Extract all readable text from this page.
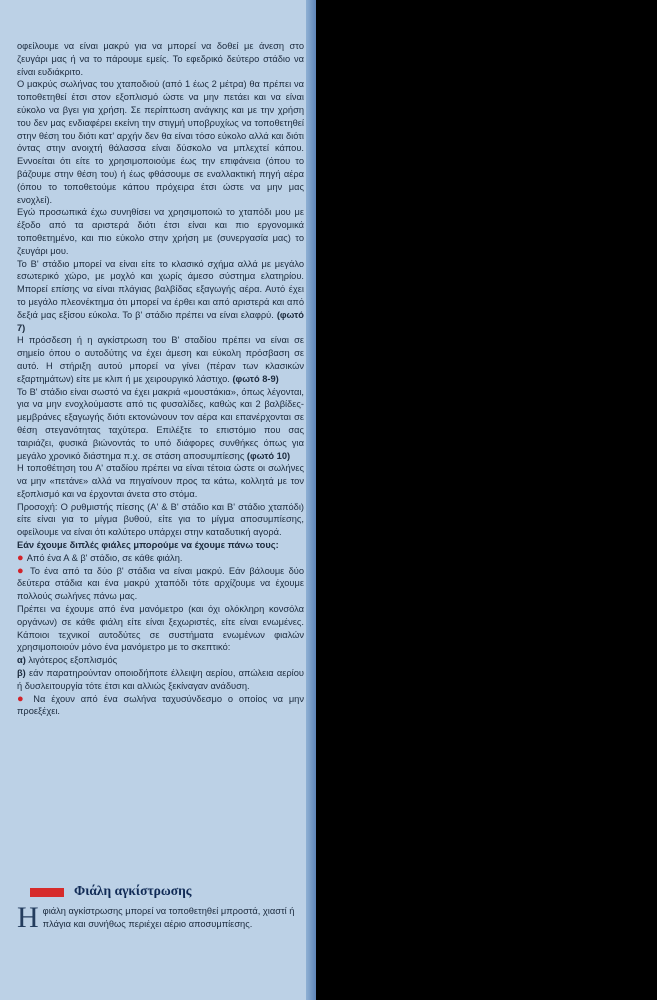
οφείλουμε να είναι μακρύ για να μπορεί να δοθεί με άνεση στο ζευγάρι μας ή να το πάρουμε εμείς. Το εφεδρικό δεύτερο στάδιο να είναι ευδιάκριτο.

Ο μακρύς σωλήνας του χταποδιού (από 1 έως 2 μέτρα) θα πρέπει να τοποθετηθεί έτσι στον εξοπλισμό ώστε να μην πετάει και να είναι εύκολο να βγει για χρήση. Σε περίπτωση ανάγκης και με την χρήση του δεν μας ενδιαφέρει εκείνη την στιγμή υποβρυχίως να τοποθετηθεί στην θέση του διότι κατ' αρχήν δεν θα είναι τόσο εύκολο αλλά και διότι όντας στην ανοιχτή θάλασσα είναι δύσκολο να μπλεχτεί κάπου. Εννοείται ότι είτε το χρησιμοποιούμε έως την επιφάνεια (όπου το βάζουμε στην θέση του) ή έως φθάσουμε σε εναλλακτική πηγή αέρα (όπου το τοποθετούμε κάπου πρόχειρα έτσι ώστε να μην μας ενοχλεί).

Εγώ προσωπικά έχω συνηθίσει να χρησιμοποιώ το χταπόδι μου με έξοδο από τα αριστερά διότι έτσι είναι και πιο εργονομικά τοποθετημένο, και πιο εύκολο στην χρήση με (συνεργασία μας) το ζευγάρι μου.

Το Β' στάδιο μπορεί να είναι είτε το κλασικό σχήμα αλλά με μεγάλο εσωτερικό χώρο, με μοχλό και χωρίς άμεσο σύστημα ελατηρίου. Μπορεί επίσης να είναι πλάγιας βαλβίδας εξαγωγής αέρα. Αυτό έχει το μεγάλο πλεονέκτημα ότι μπορεί να έρθει και από αριστερά και από δεξιά μας εξίσου εύκολα. Το β' στάδιο πρέπει να είναι ελαφρύ. (φωτό 7)

Η πρόσδεση ή η αγκίστρωση του Β' σταδίου πρέπει να είναι σε σημείο όπου ο αυτοδύτης να έχει άμεση και εύκολη πρόσβαση σε αυτό. Η στήριξη αυτού μπορεί να γίνει (πέραν των κλασικών εξαρτημάτων) είτε με κλιπ ή με χειρουργικό λάστιχο. (φωτό 8-9)

Το Β' στάδιο είναι σωστό να έχει μακριά «μουστάκια», όπως λέγονται, για να μην ενοχλούμαστε από τις φυσαλίδες, καθώς και 2 βαλβίδες-μεμβράνες εξαγωγής διότι εκτονώνουν τον αέρα και επανέρχονται σε θέση στεγανότητας ταχύτερα. Επιλέξτε το επιστόμιο που σας ταιριάζει, φυσικά βιώνοντάς το υπό διάφορες συνθήκες όπως για μεγάλο χρονικό διάστημα π.χ. σε στάση αποσυμπίεσης (φωτό 10)

Η τοποθέτηση του Α' σταδίου πρέπει να είναι τέτοια ώστε οι σωλήνες να μην «πετάνε» αλλά να πηγαίνουν προς τα κάτω, κολλητά με τον εξοπλισμό και να έρχονται άνετα στο στόμα.

Προσοχή: Ο ρυθμιστής πίεσης (Α' & Β' στάδιο και Β' στάδιο χταπόδι) είτε είναι για το μίγμα βυθού, είτε για το μίγμα αποσυμπίεσης, οφείλουμε να είναι ότι καλύτερο υπάρχει στην καταδυτική αγορά.

Εάν έχουμε διπλές φιάλες μπορούμε να έχουμε πάνω τους:

● Από ένα Α & β' στάδιο, σε κάθε φιάλη.

● Το ένα από τα δύο β' στάδια να είναι μακρύ. Εάν βάλουμε δύο δεύτερα στάδια και ένα μακρύ χταπόδι τότε αρχίζουμε να έχουμε πολλούς σωλήνες πάνω μας.

Πρέπει να έχουμε από ένα μανόμετρο (και όχι ολόκληρη κονσόλα οργάνων) σε κάθε φιάλη είτε είναι ξεχωριστές, είτε είναι ενωμένες. Κάποιοι τεχνικοί αυτοδύτες σε συστήματα ενωμένων φιαλών χρησιμοποιούν μόνο ένα μανόμετρο με το σκεπτικό:

α) λιγότερος εξοπλισμός

β) εάν παρατηρούνταν οποιοδήποτε έλλειψη αερίου, απώλεια αερίου ή δυσλειτουργία τότε έτσι και αλλιώς ξεκίναγαν ανάδυση.

● Να έχουν από ένα σωλήνα ταχυσύνδεσμο ο οποίος να μην προεξέχει.

Φιάλη αγκίστρωσης
Ηφιάλη αγκίστρωσης μπορεί να τοποθετηθεί μπροστά, χιαστί ή πλάγια και συνήθως περιέχει αέριο αποσυμπίεσης.
